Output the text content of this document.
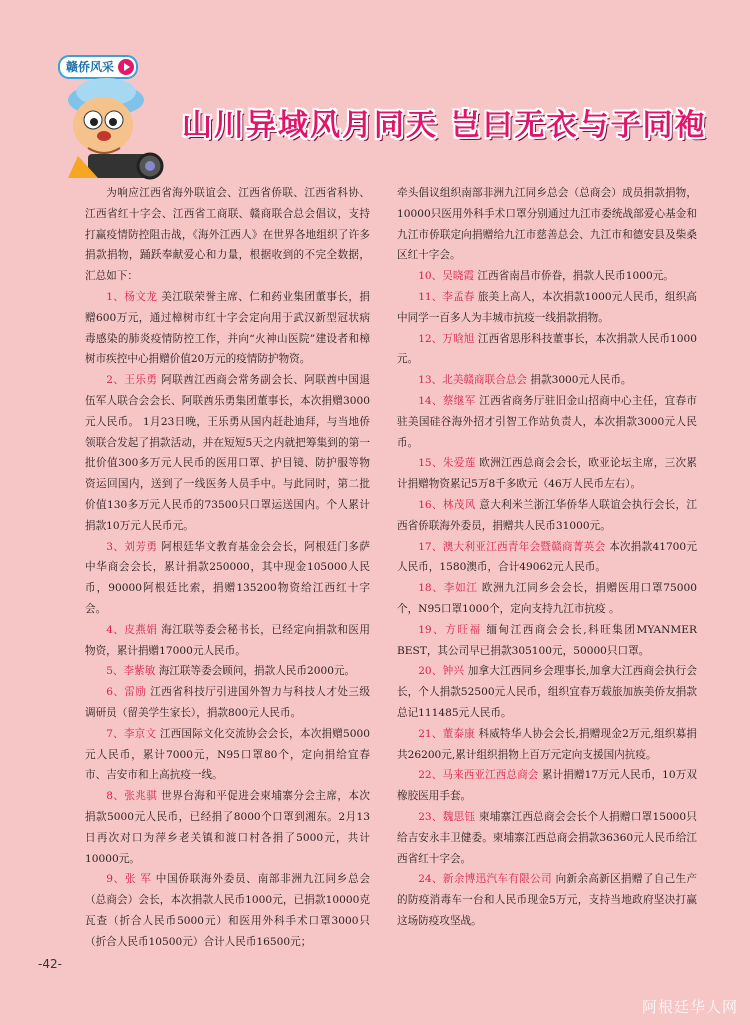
赣侨风采
山川异域风月同天 岂曰无衣与子同袍

为响应江西省海外联谊会、江西省侨联、江西省科协、江西省红十字会、江西省工商联、赣商联合总会倡议，支持打赢疫情防控阻击战，《海外江西人》在世界各地组织了许多捐款捐物，踊跃奉献爱心和力量，根据收到的不完全数据，汇总如下：

1、杨文龙 美江联荣誉主席、仁和药业集团董事长，捐赠600万元，通过樟树市红十字会定向用于武汉新型冠状病毒感染的肺炎疫情防控工作，并向“火神山医院”建设者和樟树市疾控中心捐赠价值20万元的疫情防护物资。

2、王乐勇 阿联酋江西商会常务副会长、阿联酋中国退伍军人联合会会长、阿联酋乐勇集团董事长，本次捐赠3000元人民币。 1月23日晚，王乐勇从国内赶赴迪拜，与当地侨领联合发起了捐款活动，并在短短5天之内就把筹集到的第一批价值300多万元人民币的医用口罩、护目镜、防护服等物资运回国内，送到了一线医务人员手中。与此同时，第二批价值130多万元人民币的73500只口罩运送国内。个人累计捐款10万元人民币元。

3、刘芳勇 阿根廷华文教育基金会会长，阿根廷门多萨中华商会会长，累计捐款250000，其中现金105000人民币，90000阿根廷比索，捐赠135200物资给江西红十字会。

4、皮燕娟 海江联等委会秘书长，已经定向捐款和医用物资，累计捐赠17000元人民币。

5、李紫敏 海江联等委会顾问，捐款人民币2000元。

6、雷励 江西省科技厅引进国外智力与科技人才处三级调研员（留美学生家长），捐款800元人民币。

7、李京文 江西国际文化交流协会会长，本次捐赠5000元人民币，累计7000元，N95口罩80个，定向捐给宜春市、吉安市和上高抗疫一线。

8、张兆骐 世界台海和平促进会柬埔寨分会主席，本次捐款5000元人民币，已经捐了8000个口罩到湘东。2月13日再次对口为萍乡老关镇和渡口村各捐了5000元，共计10000元。

9、张 军 中国侨联海外委员、南部非洲九江同乡总会（总商会）会长，本次捐款人民币1000元，已捐款10000克瓦查（折合人民币5000元）和医用外科手术口罩3000只（折合人民币10500元）合计人民币16500元；

牵头倡议组织南部非洲九江同乡总会（总商会）成员捐款捐物，10000只医用外科手术口罩分别通过九江市委统战部爱心基金和九江市侨联定向捐赠给九江市慈善总会、九江市和德安县及柴桑区红十字会。

10、吴晓霞 江西省南昌市侨眷，捐款人民币1000元。

11、李孟春 旅美上高人，本次捐款1000元人民币，组织高中同学一百多人为丰城市抗疫一线捐款捐物。

12、万晗旭 江西省思彤科技董事长，本次捐款人民币1000元。

13、北美赣商联合总会 捐款3000元人民币。

14、蔡继军 江西省商务厅驻旧金山招商中心主任，宜春市驻美国硅谷海外招才引智工作站负责人，本次捐款3000元人民币。

15、朱爱莲 欧洲江西总商会会长，欧亚论坛主席，三次累计捐赠物资累记5万8千多欧元（46万人民币左右）。

16、林茂风 意大利米兰浙江华侨华人联谊会执行会长，江西省侨联海外委员，捐赠共人民币31000元。

17、澳大利亚江西青年会暨赣商菁英会 本次捐款41700元人民币，1580澳币，合计49062元人民币。

18、李如江 欧洲九江同乡会会长，捐赠医用口罩75000个，N95口罩1000个，定向支持九江市抗疫 。

19、方旺福 缅甸江西商会会长,科旺集团MYANMER BEST，其公司早已捐款305100元，50000只口罩。

20、钟兴 加拿大江西同乡会理事长,加拿大江西商会执行会长，个人捐款52500元人民币，组织宜春万载旅加族美侨友捐款总记111485元人民币。

21、董泰康 科威特华人协会会长,捐赠现金2万元,组织募捐共26200元,累计组织捐物上百万元定向支援国内抗疫。

22、马来西亚江西总商会 累计捐赠17万元人民币，10万双橡胶医用手套。

23、魏思钰 柬埔寨江西总商会会长个人捐赠口罩15000只给吉安永丰卫健委。柬埔寨江西总商会捐款36360元人民币给江西省红十字会。

24、新余博迅汽车有限公司 向新余高新区捐赠了自己生产的防疫消毒车一台和人民币现金5万元，支持当地政府坚决打赢这场防疫攻坚战。

-42-
阿根廷华人网
